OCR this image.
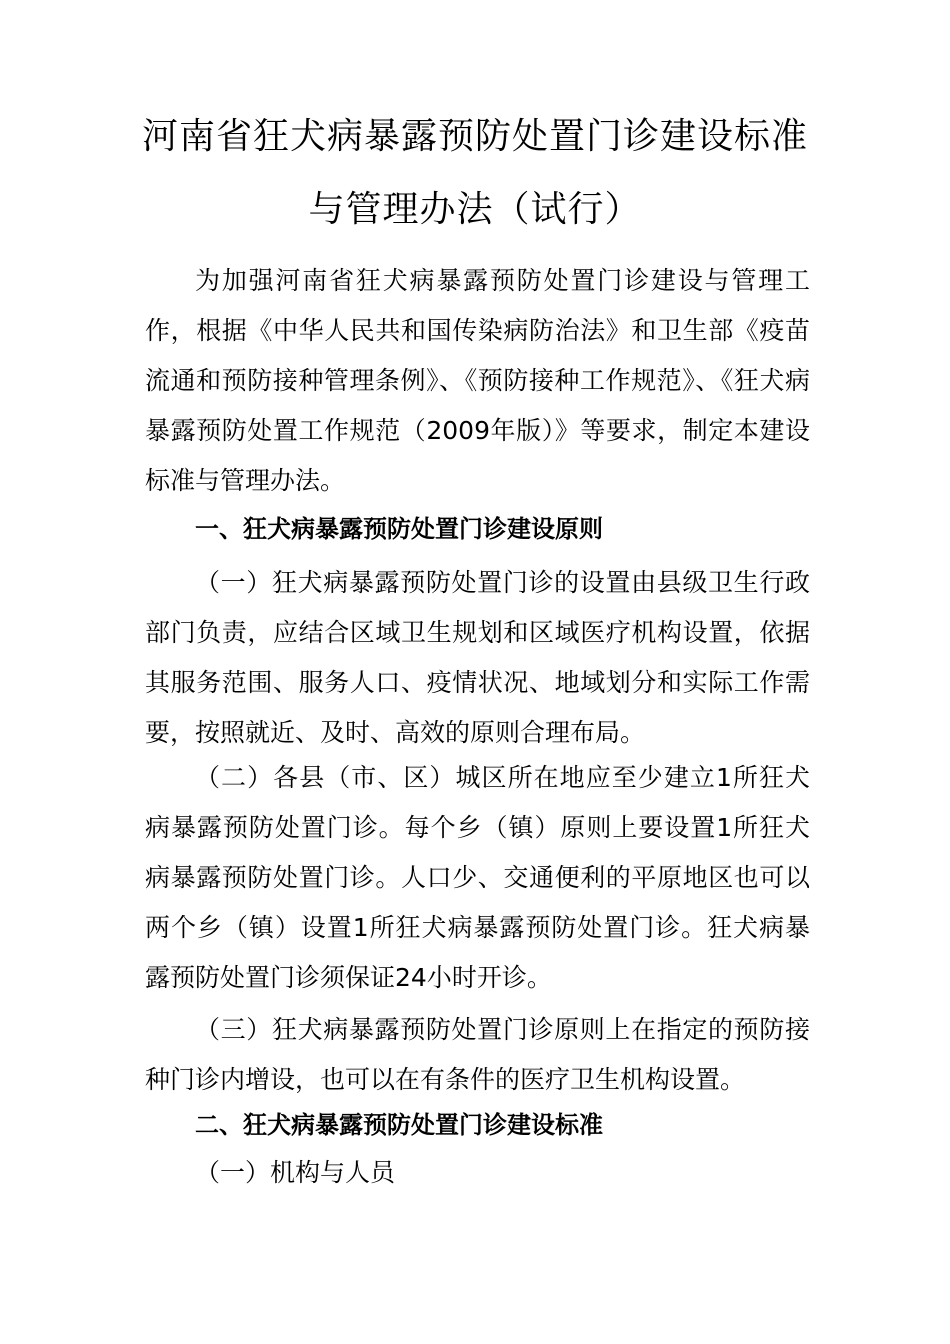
河南省狂犬病暴露预防处置门诊建设标准
与管理办法（试行）

为加强河南省狂犬病暴露预防处置门诊建设与管理工作，根据《中华人民共和国传染病防治法》和卫生部《疫苗流通和预防接种管理条例》、《预防接种工作规范》、《狂犬病暴露预防处置工作规范（2009年版）》等要求，制定本建设标准与管理办法。

一、狂犬病暴露预防处置门诊建设原则

（一）狂犬病暴露预防处置门诊的设置由县级卫生行政部门负责，应结合区域卫生规划和区域医疗机构设置，依据其服务范围、服务人口、疫情状况、地域划分和实际工作需要，按照就近、及时、高效的原则合理布局。

（二）各县（市、区）城区所在地应至少建立1所狂犬病暴露预防处置门诊。每个乡（镇）原则上要设置1所狂犬病暴露预防处置门诊。人口少、交通便利的平原地区也可以两个乡（镇）设置1所狂犬病暴露预防处置门诊。狂犬病暴露预防处置门诊须保证24小时开诊。

（三）狂犬病暴露预防处置门诊原则上在指定的预防接种门诊内增设，也可以在有条件的医疗卫生机构设置。

二、狂犬病暴露预防处置门诊建设标准

（一）机构与人员
